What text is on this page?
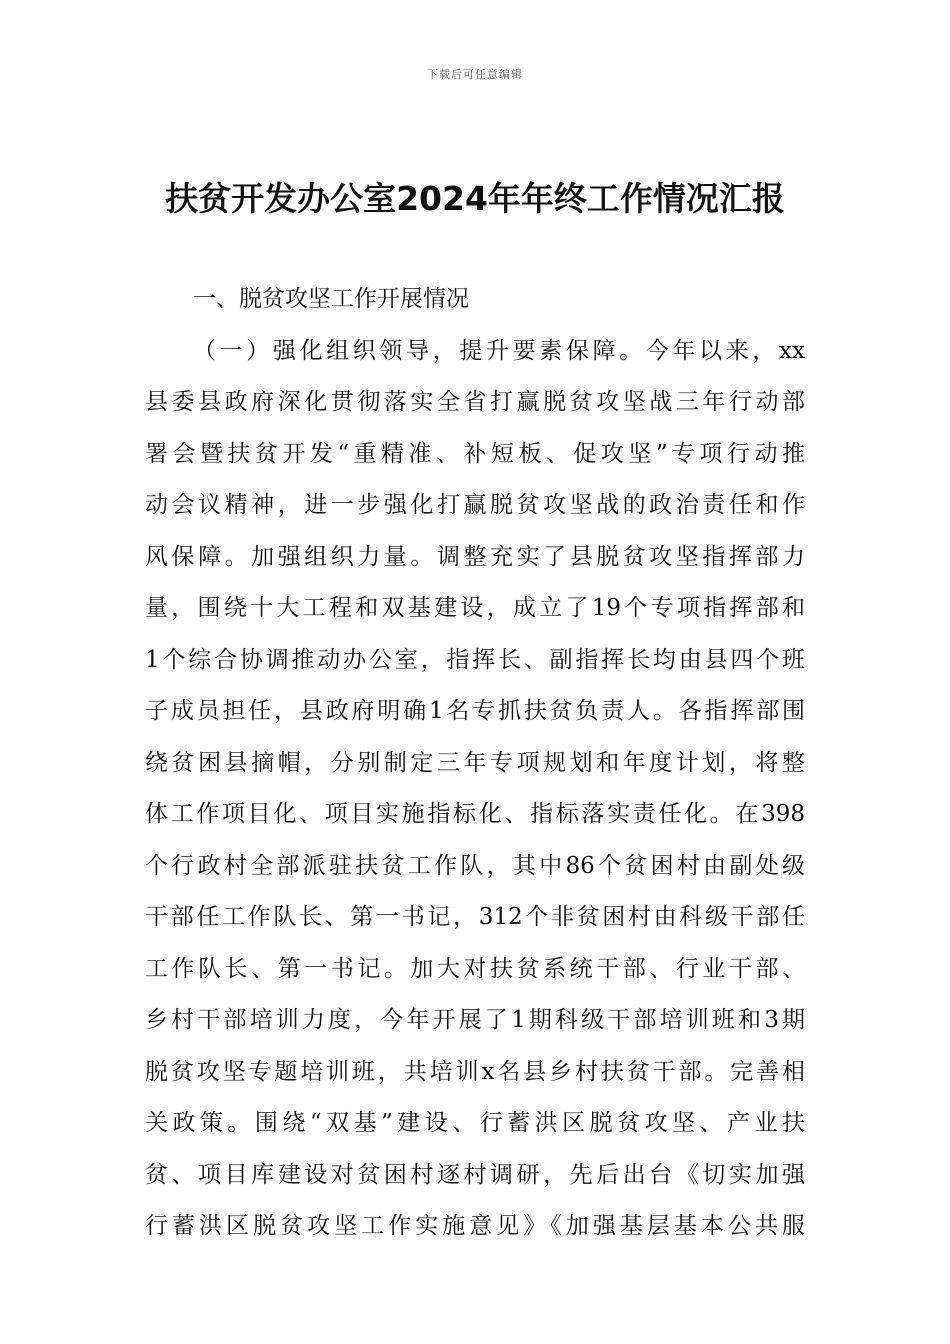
下载后可任意编辑
扶贫开发办公室2024年年终工作情况汇报
一、脱贫攻坚工作开展情况
（一）强化组织领导，提升要素保障。今年以来，xx
县委县政府深化贯彻落实全省打赢脱贫攻坚战三年行动部
署会暨扶贫开发“重精准、补短板、促攻坚”专项行动推
动会议精神，进一步强化打赢脱贫攻坚战的政治责任和作
风保障。加强组织力量。调整充实了县脱贫攻坚指挥部力
量，围绕十大工程和双基建设，成立了19个专项指挥部和
1个综合协调推动办公室，指挥长、副指挥长均由县四个班
子成员担任，县政府明确1名专抓扶贫负责人。各指挥部围
绕贫困县摘帽，分别制定三年专项规划和年度计划，将整
体工作项目化、项目实施指标化、指标落实责任化。在398
个行政村全部派驻扶贫工作队，其中86个贫困村由副处级
干部任工作队长、第一书记，312个非贫困村由科级干部任
工作队长、第一书记。加大对扶贫系统干部、行业干部、
乡村干部培训力度，今年开展了1期科级干部培训班和3期
脱贫攻坚专题培训班，共培训x名县乡村扶贫干部。完善相
关政策。围绕“双基”建设、行蓄洪区脱贫攻坚、产业扶
贫、项目库建设对贫困村逐村调研，先后出台《切实加强
行蓄洪区脱贫攻坚工作实施意见》《加强基层基本公共服
